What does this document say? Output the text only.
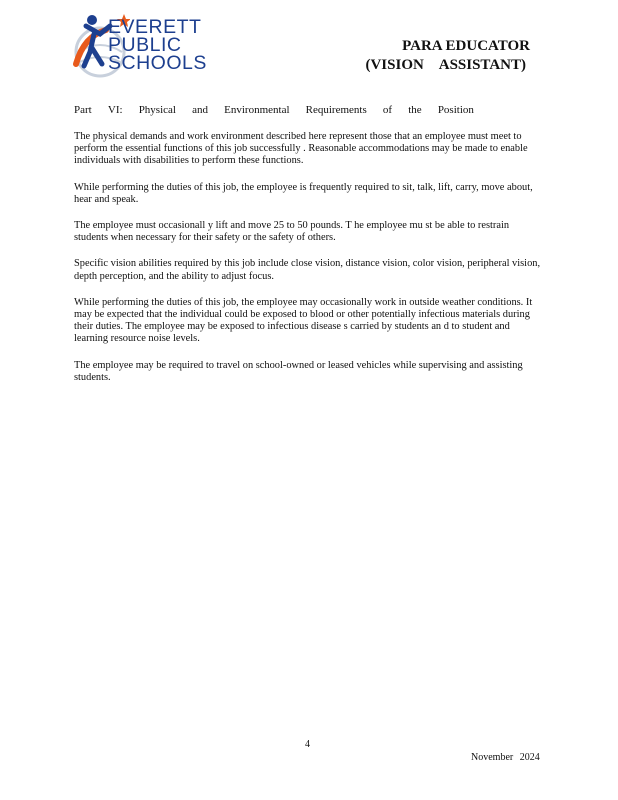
EVERETT
PUBLIC
SCHOOLS
PARA EDUCATOR
(VISION ASSISTANT)
Part VI: Physical and Environmental Requirements of the Position

The physical demands and work environment described here represent those that an employee must meet to perform the essential functions of this job successfully . Reasonable accommodations may be made to enable individuals with disabilities to perform these functions.

While performing the duties of this job, the employee is frequently required to sit, talk, lift, carry, move about, hear and speak.

The employee must occasionall y lift and move 25 to 50 pounds. T he employee mu st be able to restrain students when necessary for their safety or the safety of others.

Specific vision abilities required by this job include close vision, distance vision, color vision, peripheral vision, depth perception, and the ability to adjust focus.

While performing the duties of this job, the employee may occasionally work in outside weather conditions. It may be expected that the individual could be exposed to blood or other potentially infectious materials during their duties. The employee may be exposed to infectious disease s carried by students an d to student and learning resource noise levels.

The employee may be required to travel on school-owned or leased vehicles while supervising and assisting students.

4
November 2024
